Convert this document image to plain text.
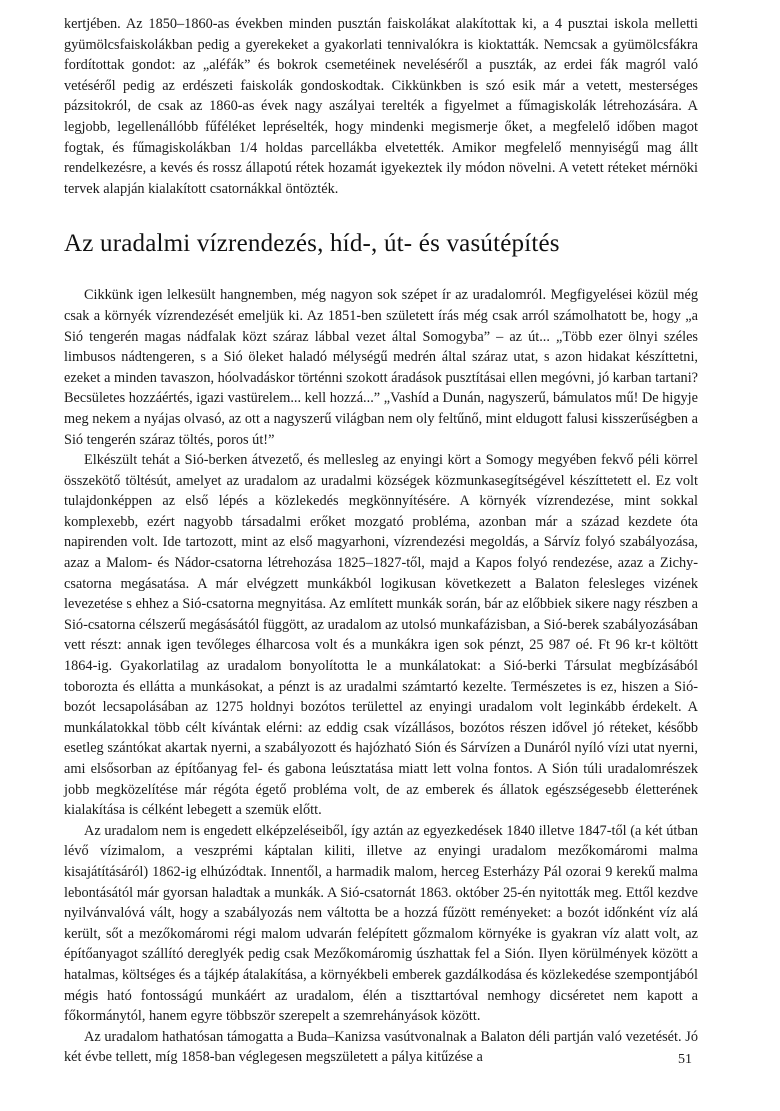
kertjében. Az 1850–1860-as években minden pusztán faiskolákat alakítottak ki, a 4 pusztai iskola melletti gyümölcsfaiskolákban pedig a gyerekeket a gyakorlati tennivalókra is kioktatták. Nemcsak a gyümölcsfákra fordítottak gondot: az „aléfák” és bokrok csemetéinek neveléséről a puszták, az erdei fák magról való vetéséről pedig az erdészeti faiskolák gondoskodtak. Cikkünkben is szó esik már a vetett, mesterséges pázsitokról, de csak az 1860-as évek nagy aszályai terelték a figyelmet a fűmagiskolák létrehozására. A legjobb, legellenállóbb fűféléket lepréselték, hogy mindenki megismerje őket, a megfelelő időben magot fogtak, és fűmagiskolákban 1/4 holdas parcellákba elvetették. Amikor megfelelő mennyiségű mag állt rendelkezésre, a kevés és rossz állapotú rétek hozamát igyekeztek ily módon növelni. A vetett réteket mérnöki tervek alapján kialakított csatornákkal öntözték.

Az uradalmi vízrendezés, híd-, út- és vasútépítés

Cikkünk igen lelkesült hangnemben, még nagyon sok szépet ír az uradalomról. Megfigyelései közül még csak a környék vízrendezését emeljük ki. Az 1851-ben született írás még csak arról számolhatott be, hogy „a Sió tengerén magas nádfalak közt száraz lábbal vezet által Somogyba” – az út... „Több ezer ölnyi széles limbusos nádtengeren, s a Sió öleket haladó mélységű medrén által száraz utat, s azon hidakat készíttetni, ezeket a minden tavaszon, hóolvadáskor történni szokott áradások pusztításai ellen megóvni, jó karban tartani? Becsületes hozzáértés, igazi vastürelem... kell hozzá...” „Vashíd a Dunán, nagyszerű, bámulatos mű! De higyje meg nekem a nyájas olvasó, az ott a nagyszerű világban nem oly feltűnő, mint eldugott falusi kisszerűségben a Sió tengerén száraz töltés, poros út!”

Elkészült tehát a Sió-berken átvezető, és mellesleg az enyingi kört a Somogy megyében fekvő péli körrel összekötő töltésút, amelyet az uradalom az uradalmi községek közmunkasegítségével készíttetett el. Ez volt tulajdonképpen az első lépés a közlekedés megkönnyítésére. A környék vízrendezése, mint sokkal komplexebb, ezért nagyobb társadalmi erőket mozgató probléma, azonban már a század kezdete óta napirenden volt. Ide tartozott, mint az első magyarhoni, vízrendezési megoldás, a Sárvíz folyó szabályozása, azaz a Malom- és Nádor-csatorna létrehozása 1825–1827-től, majd a Kapos folyó rendezése, azaz a Zichy-csatorna megásatása. A már elvégzett munkákból logikusan következett a Balaton felesleges vizének levezetése s ehhez a Sió-csatorna megnyitása. Az említett munkák során, bár az előbbiek sikere nagy részben a Sió-csatorna célszerű megásásától függött, az uradalom az utolsó munkafázisban, a Sió-berek szabályozásában vett részt: annak igen tevőleges élharcosa volt és a munkákra igen sok pénzt, 25 987 oé. Ft 96 kr-t költött 1864-ig. Gyakorlatilag az uradalom bonyolította le a munkálatokat: a Sió-berki Társulat megbízásából toborozta és ellátta a munkásokat, a pénzt is az uradalmi számtartó kezelte. Természetes is ez, hiszen a Sió-bozót lecsapolásában az 1275 holdnyi bozótos területtel az enyingi uradalom volt leginkább érdekelt. A munkálatokkal több célt kívántak elérni: az eddig csak vízállásos, bozótos részen idővel jó réteket, később esetleg szántókat akartak nyerni, a szabályozott és hajózható Sión és Sárvízen a Dunáról nyíló vízi utat nyerni, ami elsősorban az építőanyag fel- és gabona leúsztatása miatt lett volna fontos. A Sión túli uradalomrészek jobb megközelítése már régóta égető probléma volt, de az emberek és állatok egészségesebb életterének kialakítása is célként lebegett a szemük előtt.

Az uradalom nem is engedett elképzeléseiből, így aztán az egyezkedések 1840 illetve 1847-től (a két útban lévő vízimalom, a veszprémi káptalan kiliti, illetve az enyingi uradalom mezőkomáromi malma kisajátításáról) 1862-ig elhúzódtak. Innentől, a harmadik malom, herceg Esterházy Pál ozorai 9 kerekű malma lebontásától már gyorsan haladtak a munkák. A Sió-csatornát 1863. október 25-én nyitották meg. Ettől kezdve nyilvánvalóvá vált, hogy a szabályozás nem váltotta be a hozzá fűzött reményeket: a bozót időnként víz alá került, sőt a mezőkomáromi régi malom udvarán felépített gőzmalom környéke is gyakran víz alatt volt, az építőanyagot szállító dereglyék pedig csak Mezőkomáromig úszhattak fel a Sión. Ilyen körülmények között a hatalmas, költséges és a tájkép átalakítása, a környékbeli emberek gazdálkodása és közlekedése szempontjából mégis ható fontosságú munkáért az uradalom, élén a tiszttartóval nemhogy dicséretet nem kapott a főkormánytól, hanem egyre többször szerepelt a szemrehányások között.

Az uradalom hathatósan támogatta a Buda–Kanizsa vasútvonalnak a Balaton déli partján való vezetését. Jó két évbe tellett, míg 1858-ban véglegesen megszületett a pálya kitűzése a	51
